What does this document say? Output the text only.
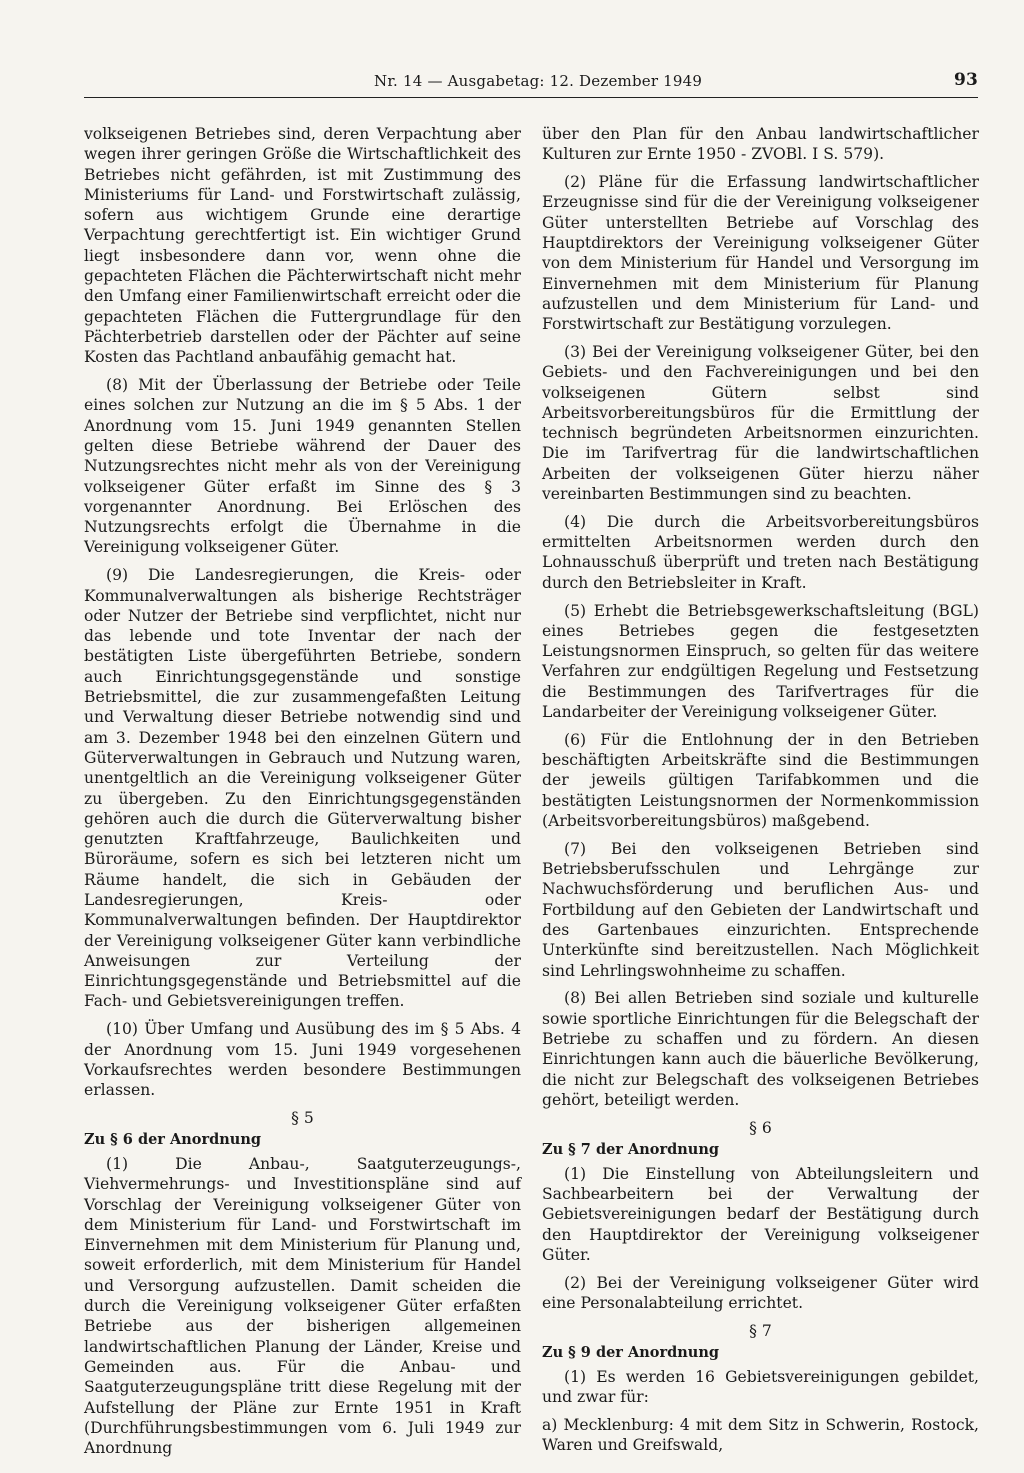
Nr. 14 — Ausgabetag: 12. Dezember 1949	93

volkseigenen Betriebes sind, deren Verpachtung aber wegen ihrer geringen Größe die Wirtschaftlichkeit des Betriebes nicht gefährden, ist mit Zustimmung des Ministeriums für Land- und Forstwirtschaft zulässig, sofern aus wichtigem Grunde eine derartige Verpachtung gerechtfertigt ist. Ein wichtiger Grund liegt insbesondere dann vor, wenn ohne die gepachteten Flächen die Pächterwirtschaft nicht mehr den Umfang einer Familienwirtschaft erreicht oder die gepachteten Flächen die Futtergrundlage für den Pächterbetrieb darstellen oder der Pächter auf seine Kosten das Pachtland anbaufähig gemacht hat.

(8) Mit der Überlassung der Betriebe oder Teile eines solchen zur Nutzung an die im § 5 Abs. 1 der Anordnung vom 15. Juni 1949 genannten Stellen gelten diese Betriebe während der Dauer des Nutzungsrechtes nicht mehr als von der Vereinigung volkseigener Güter erfaßt im Sinne des § 3 vorgenannter Anordnung. Bei Erlöschen des Nutzungsrechts erfolgt die Übernahme in die Vereinigung volkseigener Güter.

(9) Die Landesregierungen, die Kreis- oder Kommunalverwaltungen als bisherige Rechtsträger oder Nutzer der Betriebe sind verpflichtet, nicht nur das lebende und tote Inventar der nach der bestätigten Liste übergeführten Betriebe, sondern auch Einrichtungsgegenstände und sonstige Betriebsmittel, die zur zusammengefaßten Leitung und Verwaltung dieser Betriebe notwendig sind und am 3. Dezember 1948 bei den einzelnen Gütern und Güterverwaltungen in Gebrauch und Nutzung waren, unentgeltlich an die Vereinigung volkseigener Güter zu übergeben. Zu den Einrichtungsgegenständen gehören auch die durch die Güterverwaltung bisher genutzten Kraftfahrzeuge, Baulichkeiten und Büroräume, sofern es sich bei letzteren nicht um Räume handelt, die sich in Gebäuden der Landesregierungen, Kreis- oder Kommunalverwaltungen befinden. Der Hauptdirektor der Vereinigung volkseigener Güter kann verbindliche Anweisungen zur Verteilung der Einrichtungsgegenstände und Betriebsmittel auf die Fach- und Gebietsvereinigungen treffen.

(10) Über Umfang und Ausübung des im § 5 Abs. 4 der Anordnung vom 15. Juni 1949 vorgesehenen Vorkaufsrechtes werden besondere Bestimmungen erlassen.

§ 5
Zu § 6 der Anordnung

(1) Die Anbau-, Saatguterzeugungs-, Viehvermehrungs- und Investitionspläne sind auf Vorschlag der Vereinigung volkseigener Güter von dem Ministerium für Land- und Forstwirtschaft im Einvernehmen mit dem Ministerium für Planung und, soweit erforderlich, mit dem Ministerium für Handel und Versorgung aufzustellen. Damit scheiden die durch die Vereinigung volkseigener Güter erfaßten Betriebe aus der bisherigen allgemeinen landwirtschaftlichen Planung der Länder, Kreise und Gemeinden aus. Für die Anbau- und Saatguterzeugungspläne tritt diese Regelung mit der Aufstellung der Pläne zur Ernte 1951 in Kraft (Durchführungsbestimmungen vom 6. Juli 1949 zur Anordnung

über den Plan für den Anbau landwirtschaftlicher Kulturen zur Ernte 1950 - ZVOBl. I S. 579).

(2) Pläne für die Erfassung landwirtschaftlicher Erzeugnisse sind für die der Vereinigung volkseigener Güter unterstellten Betriebe auf Vorschlag des Hauptdirektors der Vereinigung volkseigener Güter von dem Ministerium für Handel und Versorgung im Einvernehmen mit dem Ministerium für Planung aufzustellen und dem Ministerium für Land- und Forstwirtschaft zur Bestätigung vorzulegen.

(3) Bei der Vereinigung volkseigener Güter, bei den Gebiets- und den Fachvereinigungen und bei den volkseigenen Gütern selbst sind Arbeitsvorbereitungsbüros für die Ermittlung der technisch begründeten Arbeitsnormen einzurichten. Die im Tarifvertrag für die landwirtschaftlichen Arbeiten der volkseigenen Güter hierzu näher vereinbarten Bestimmungen sind zu beachten.

(4) Die durch die Arbeitsvorbereitungsbüros ermittelten Arbeitsnormen werden durch den Lohnausschuß überprüft und treten nach Bestätigung durch den Betriebsleiter in Kraft.

(5) Erhebt die Betriebsgewerkschaftsleitung (BGL) eines Betriebes gegen die festgesetzten Leistungsnormen Einspruch, so gelten für das weitere Verfahren zur endgültigen Regelung und Festsetzung die Bestimmungen des Tarifvertrages für die Landarbeiter der Vereinigung volkseigener Güter.

(6) Für die Entlohnung der in den Betrieben beschäftigten Arbeitskräfte sind die Bestimmungen der jeweils gültigen Tarifabkommen und die bestätigten Leistungsnormen der Normenkommission (Arbeitsvorbereitungsbüros) maßgebend.

(7) Bei den volkseigenen Betrieben sind Betriebsberufsschulen und Lehrgänge zur Nachwuchsförderung und beruflichen Aus- und Fortbildung auf den Gebieten der Landwirtschaft und des Gartenbaues einzurichten. Entsprechende Unterkünfte sind bereitzustellen. Nach Möglichkeit sind Lehrlingswohnheime zu schaffen.

(8) Bei allen Betrieben sind soziale und kulturelle sowie sportliche Einrichtungen für die Belegschaft der Betriebe zu schaffen und zu fördern. An diesen Einrichtungen kann auch die bäuerliche Bevölkerung, die nicht zur Belegschaft des volkseigenen Betriebes gehört, beteiligt werden.

§ 6
Zu § 7 der Anordnung

(1) Die Einstellung von Abteilungsleitern und Sachbearbeitern bei der Verwaltung der Gebietsvereinigungen bedarf der Bestätigung durch den Hauptdirektor der Vereinigung volkseigener Güter.

(2) Bei der Vereinigung volkseigener Güter wird eine Personalabteilung errichtet.

§ 7
Zu § 9 der Anordnung

(1) Es werden 16 Gebietsvereinigungen gebildet, und zwar für:

a) Mecklenburg: 4 mit dem Sitz in Schwerin, Rostock, Waren und Greifswald,
